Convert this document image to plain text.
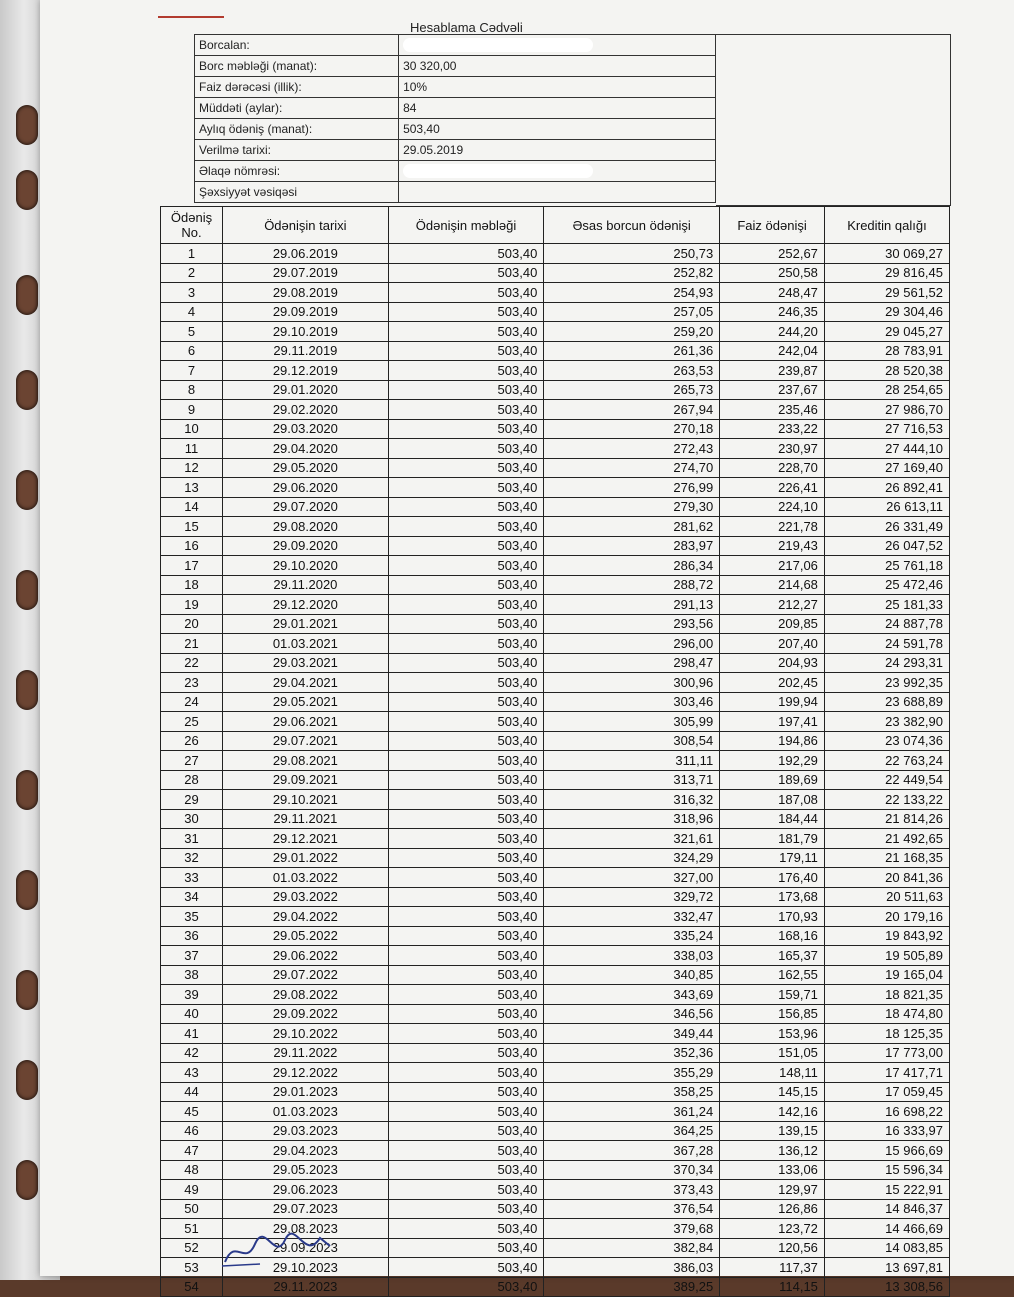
Hesablama Cədvəli
Borcalan:	
Borc məbləği (manat):	30 320,00
Faiz dərəcəsi (illik):	10%
Müddəti (aylar):	84
Aylıq ödəniş (manat):	503,40
Verilmə tarixi:	29.05.2019
Əlaqə nömrəsi:	
Şəxsiyyət vəsiqəsi	
Ödəniş No.	Ödənişin tarixi	Ödənişin məbləği	Əsas borcun ödənişi	Faiz ödənişi	Kreditin qalığı
1	29.06.2019	503,40	250,73	252,67	30 069,27
2	29.07.2019	503,40	252,82	250,58	29 816,45
3	29.08.2019	503,40	254,93	248,47	29 561,52
4	29.09.2019	503,40	257,05	246,35	29 304,46
5	29.10.2019	503,40	259,20	244,20	29 045,27
6	29.11.2019	503,40	261,36	242,04	28 783,91
7	29.12.2019	503,40	263,53	239,87	28 520,38
8	29.01.2020	503,40	265,73	237,67	28 254,65
9	29.02.2020	503,40	267,94	235,46	27 986,70
10	29.03.2020	503,40	270,18	233,22	27 716,53
11	29.04.2020	503,40	272,43	230,97	27 444,10
12	29.05.2020	503,40	274,70	228,70	27 169,40
13	29.06.2020	503,40	276,99	226,41	26 892,41
14	29.07.2020	503,40	279,30	224,10	26 613,11
15	29.08.2020	503,40	281,62	221,78	26 331,49
16	29.09.2020	503,40	283,97	219,43	26 047,52
17	29.10.2020	503,40	286,34	217,06	25 761,18
18	29.11.2020	503,40	288,72	214,68	25 472,46
19	29.12.2020	503,40	291,13	212,27	25 181,33
20	29.01.2021	503,40	293,56	209,85	24 887,78
21	01.03.2021	503,40	296,00	207,40	24 591,78
22	29.03.2021	503,40	298,47	204,93	24 293,31
23	29.04.2021	503,40	300,96	202,45	23 992,35
24	29.05.2021	503,40	303,46	199,94	23 688,89
25	29.06.2021	503,40	305,99	197,41	23 382,90
26	29.07.2021	503,40	308,54	194,86	23 074,36
27	29.08.2021	503,40	311,11	192,29	22 763,24
28	29.09.2021	503,40	313,71	189,69	22 449,54
29	29.10.2021	503,40	316,32	187,08	22 133,22
30	29.11.2021	503,40	318,96	184,44	21 814,26
31	29.12.2021	503,40	321,61	181,79	21 492,65
32	29.01.2022	503,40	324,29	179,11	21 168,35
33	01.03.2022	503,40	327,00	176,40	20 841,36
34	29.03.2022	503,40	329,72	173,68	20 511,63
35	29.04.2022	503,40	332,47	170,93	20 179,16
36	29.05.2022	503,40	335,24	168,16	19 843,92
37	29.06.2022	503,40	338,03	165,37	19 505,89
38	29.07.2022	503,40	340,85	162,55	19 165,04
39	29.08.2022	503,40	343,69	159,71	18 821,35
40	29.09.2022	503,40	346,56	156,85	18 474,80
41	29.10.2022	503,40	349,44	153,96	18 125,35
42	29.11.2022	503,40	352,36	151,05	17 773,00
43	29.12.2022	503,40	355,29	148,11	17 417,71
44	29.01.2023	503,40	358,25	145,15	17 059,45
45	01.03.2023	503,40	361,24	142,16	16 698,22
46	29.03.2023	503,40	364,25	139,15	16 333,97
47	29.04.2023	503,40	367,28	136,12	15 966,69
48	29.05.2023	503,40	370,34	133,06	15 596,34
49	29.06.2023	503,40	373,43	129,97	15 222,91
50	29.07.2023	503,40	376,54	126,86	14 846,37
51	29.08.2023	503,40	379,68	123,72	14 466,69
52	29.09.2023	503,40	382,84	120,56	14 083,85
53	29.10.2023	503,40	386,03	117,37	13 697,81
54	29.11.2023	503,40	389,25	114,15	13 308,56
